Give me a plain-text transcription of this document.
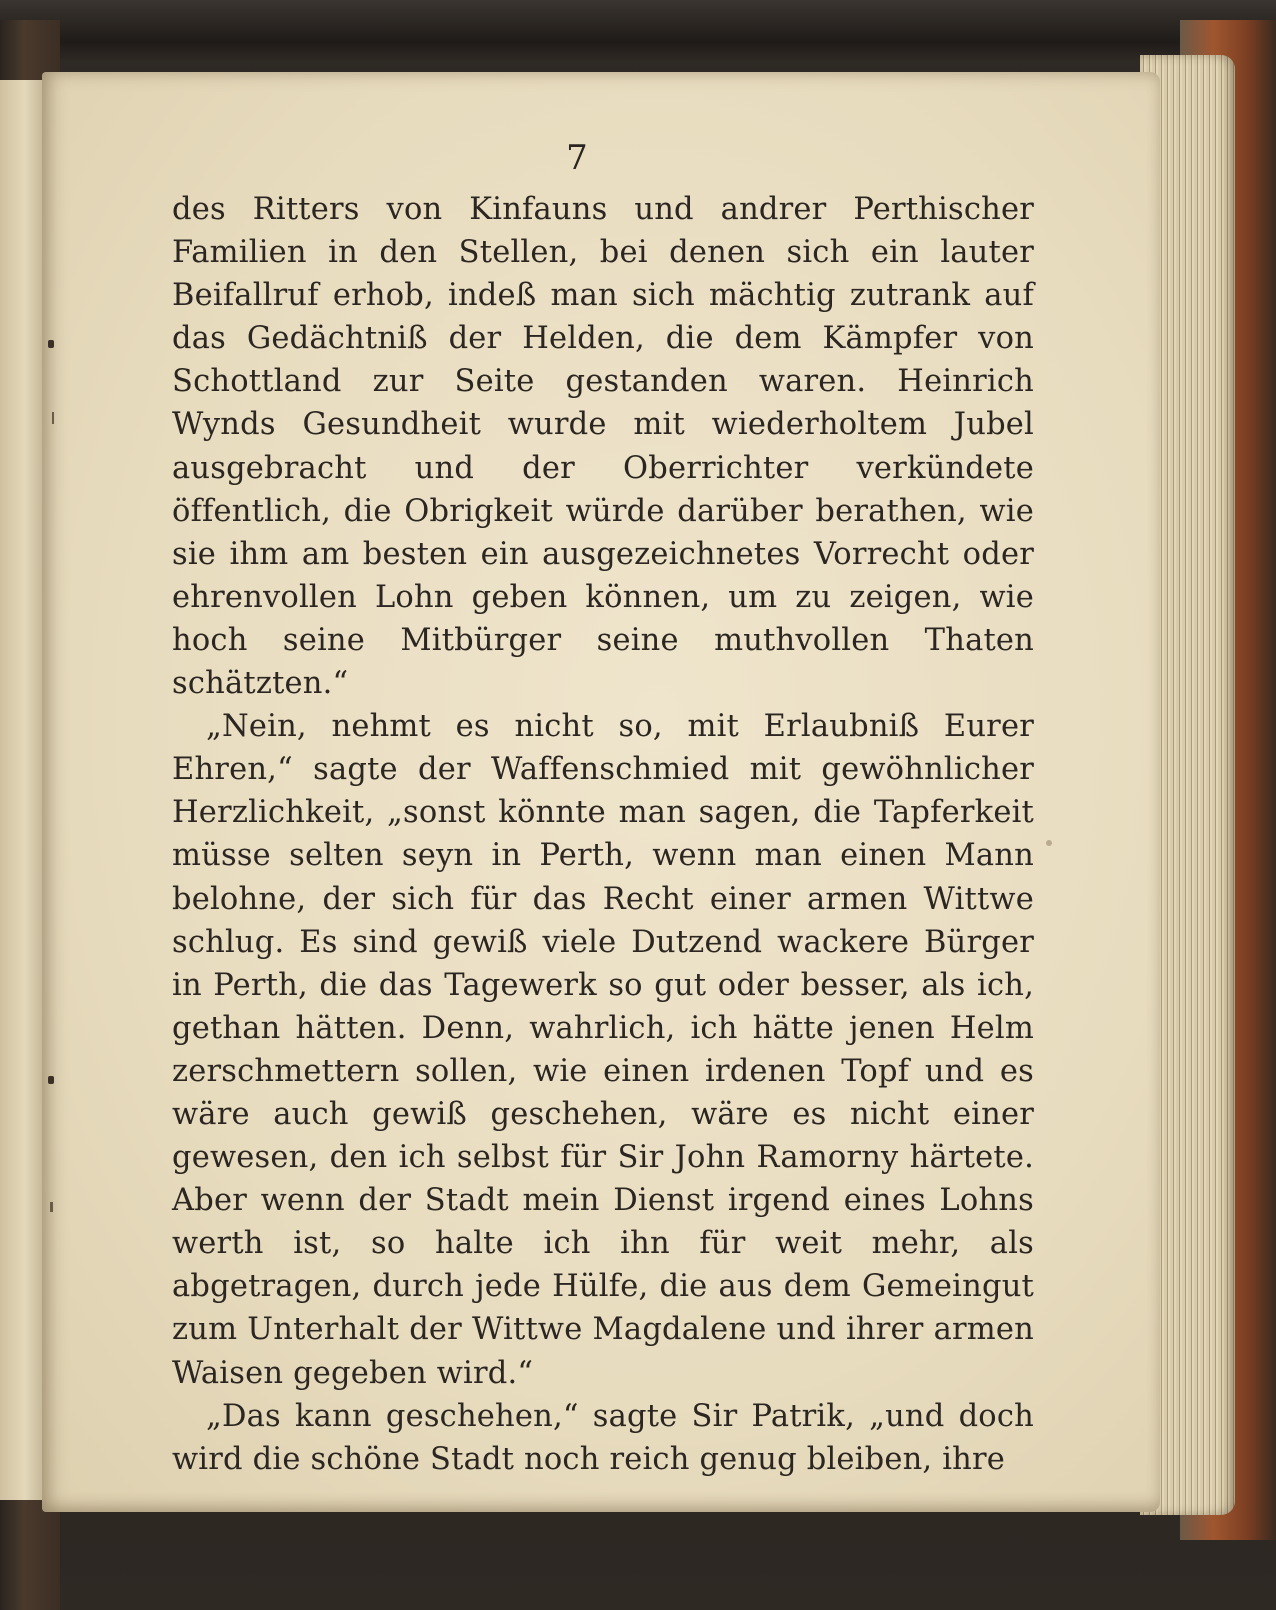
7

des Ritters von Kinfauns und andrer Perthischer Familien in den Stellen, bei denen sich ein lauter Beifallruf erhob, indeß man sich mächtig zutrank auf das Gedächtniß der Helden, die dem Kämpfer von Schottland zur Seite gestanden waren. Heinrich Wynds Gesundheit wurde mit wiederholtem Jubel ausgebracht und der Oberrichter verkündete öffentlich, die Obrigkeit würde darüber berathen, wie sie ihm am besten ein ausgezeichnetes Vorrecht oder ehrenvollen Lohn geben können, um zu zeigen, wie hoch seine Mitbürger seine muthvollen Thaten schätzten.“

„Nein, nehmt es nicht so, mit Erlaubniß Eurer Ehren,“ sagte der Waffenschmied mit gewöhnlicher Herzlichkeit, „sonst könnte man sagen, die Tapferkeit müsse selten seyn in Perth, wenn man einen Mann belohne, der sich für das Recht einer armen Wittwe schlug. Es sind gewiß viele Dutzend wackere Bürger in Perth, die das Tagewerk so gut oder besser, als ich, gethan hätten. Denn, wahrlich, ich hätte jenen Helm zerschmettern sollen, wie einen irdenen Topf und es wäre auch gewiß geschehen, wäre es nicht einer gewesen, den ich selbst für Sir John Ramorny härtete. Aber wenn der Stadt mein Dienst irgend eines Lohns werth ist, so halte ich ihn für weit mehr, als abgetragen, durch jede Hülfe, die aus dem Gemeingut zum Unterhalt der Wittwe Magdalene und ihrer armen Waisen gegeben wird.“

„Das kann geschehen,“ sagte Sir Patrik, „und doch wird die schöne Stadt noch reich genug bleiben, ihre
